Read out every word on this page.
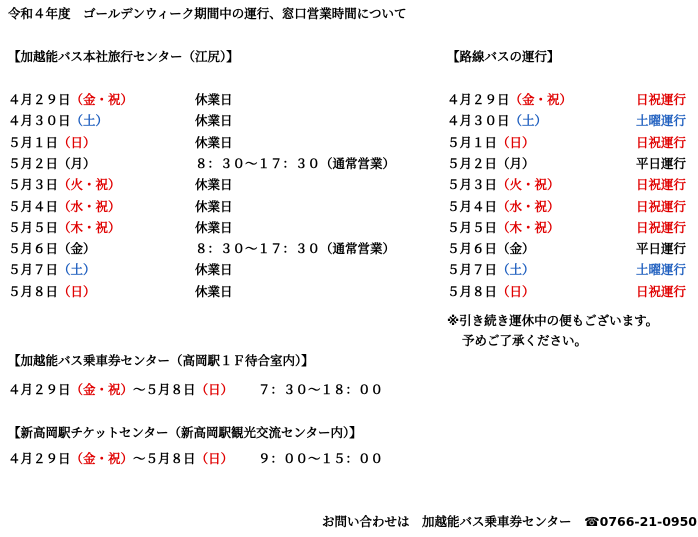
令和４年度　ゴールデンウィーク期間中の運行、窓口営業時間について
【加越能バス本社旅行センター（江尻）】
４月２９日（金・祝）	休業日
４月３０日（土）	休業日
５月１日（日）	休業日
５月２日（月）	８：３０～１７：３０（通常営業）
５月３日（火・祝）	休業日
５月４日（水・祝）	休業日
５月５日（木・祝）	休業日
５月６日（金）	８：３０～１７：３０（通常営業）
５月７日（土）	休業日
５月８日（日）	休業日
【路線バスの運行】
４月２９日（金・祝）	日祝運行
４月３０日（土）	土曜運行
５月１日（日）	日祝運行
５月２日（月）	平日運行
５月３日（火・祝）	日祝運行
５月４日（水・祝）	日祝運行
５月５日（木・祝）	日祝運行
５月６日（金）	平日運行
５月７日（土）	土曜運行
５月８日（日）	日祝運行
※引き続き運休中の便もございます。
予めご了承ください。
【加越能バス乗車券センター（高岡駅１Ｆ待合室内）】
４月２９日（金・祝）～５月８日（日） ７：３０～１８：００
【新高岡駅チケットセンター（新高岡駅観光交流センター内）】
４月２９日（金・祝）～５月８日（日） ９：００～１５：００
お問い合わせは　 加越能バス乗車券センター　 ☎0766-21-0950
